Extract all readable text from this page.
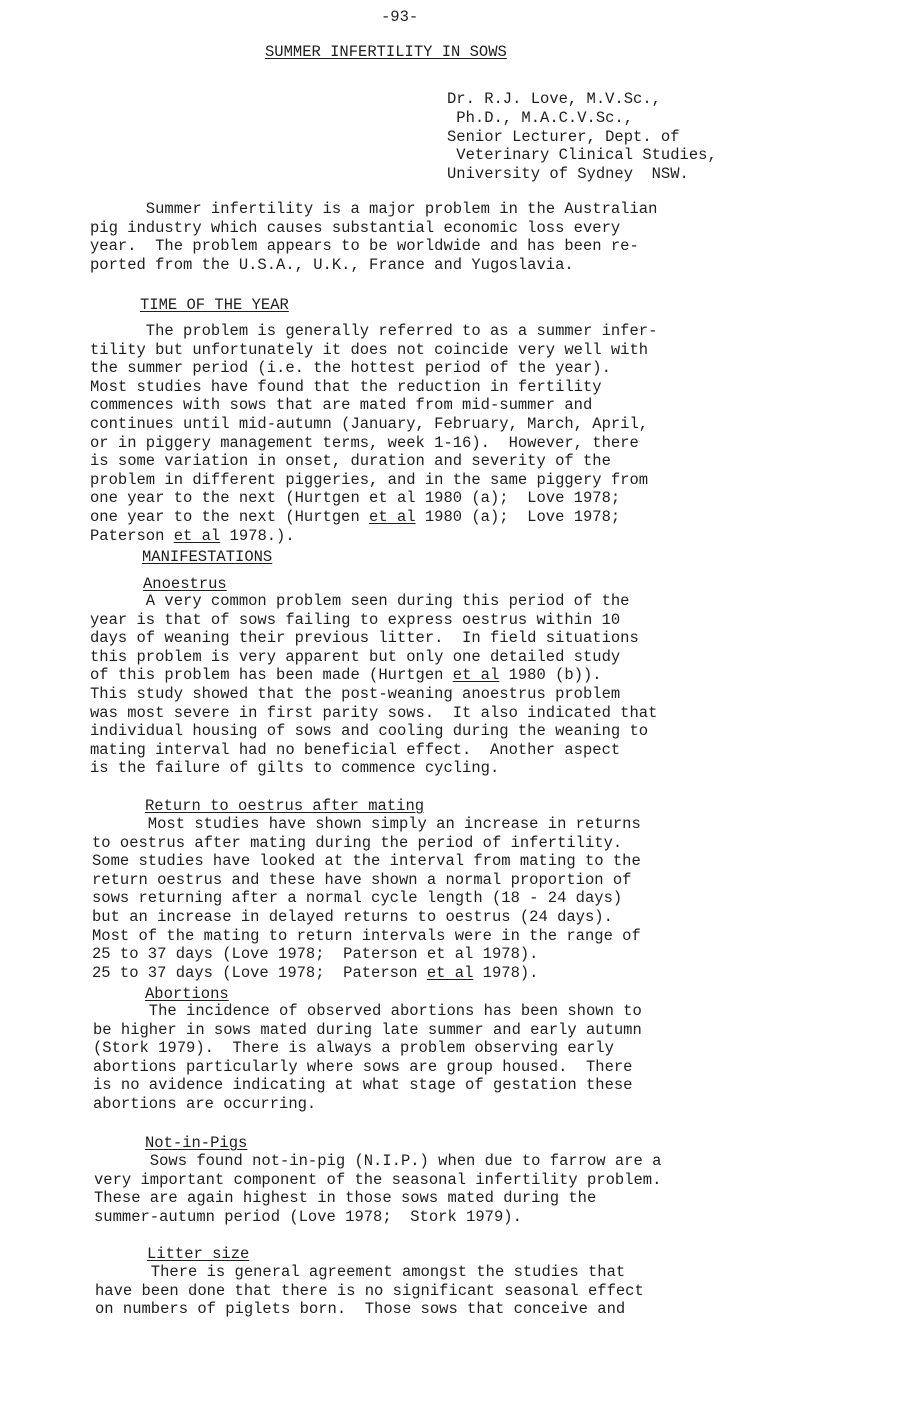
-93-
SUMMER INFERTILITY IN SOWS
Dr. R.J. Love, M.V.Sc.,
Ph.D., M.A.C.V.Sc.,
Senior Lecturer, Dept. of
Veterinary Clinical Studies,
University of Sydney  NSW.
Summer infertility is a major problem in the Australian
pig industry which causes substantial economic loss every
year.  The problem appears to be worldwide and has been re-
ported from the U.S.A., U.K., France and Yugoslavia.
TIME OF THE YEAR
The problem is generally referred to as a summer infer-
tility but unfortunately it does not coincide very well with
the summer period (i.e. the hottest period of the year).
Most studies have found that the reduction in fertility
commences with sows that are mated from mid-summer and
continues until mid-autumn (January, February, March, April,
or in piggery management terms, week 1-16).  However, there
is some variation in onset, duration and severity of the
problem in different piggeries, and in the same piggery from
one year to the next (Hurtgen et al 1980 (a);  Love 1978;
one year to the next (Hurtgen et al 1980 (a);  Love 1978;
Paterson et al 1978.).
MANIFESTATIONS
Anoestrus
A very common problem seen during this period of the
year is that of sows failing to express oestrus within 10
days of weaning their previous litter.  In field situations
this problem is very apparent but only one detailed study
of this problem has been made (Hurtgen et al 1980 (b)).
This study showed that the post-weaning anoestrus problem
was most severe in first parity sows.  It also indicated that
individual housing of sows and cooling during the weaning to
mating interval had no beneficial effect.  Another aspect
is the failure of gilts to commence cycling.
Return to oestrus after mating
Most studies have shown simply an increase in returns
to oestrus after mating during the period of infertility.
Some studies have looked at the interval from mating to the
return oestrus and these have shown a normal proportion of
sows returning after a normal cycle length (18 - 24 days)
but an increase in delayed returns to oestrus (24 days).
Most of the mating to return intervals were in the range of
25 to 37 days (Love 1978;  Paterson et al 1978).
25 to 37 days (Love 1978;  Paterson et al 1978).
Abortions
The incidence of observed abortions has been shown to
be higher in sows mated during late summer and early autumn
(Stork 1979).  There is always a problem observing early
abortions particularly where sows are group housed.  There
is no avidence indicating at what stage of gestation these
abortions are occurring.
Not-in-Pigs
Sows found not-in-pig (N.I.P.) when due to farrow are a
very important component of the seasonal infertility problem.
These are again highest in those sows mated during the
summer-autumn period (Love 1978;  Stork 1979).
Litter size
There is general agreement amongst the studies that
have been done that there is no significant seasonal effect
on numbers of piglets born.  Those sows that conceive and
